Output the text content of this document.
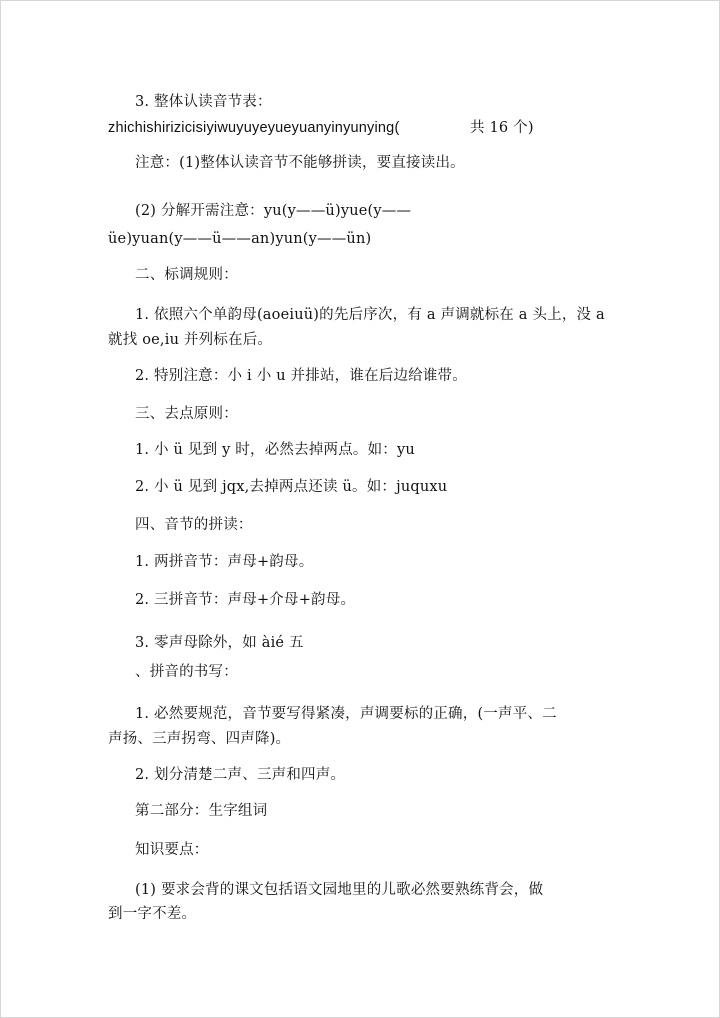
3. 整体认读音节表：
zhichishirizicisiyiwuyuyeyueyuanyinyunying(	共 16 个)
注意：(1)整体认读音节不能够拼读，要直接读出。
(2) 分解开需注意：yu(y——ü)yue(y——
üe)yuan(y——ü——an)yun(y——ün)
二、标调规则：
1. 依照六个单韵母(aoeiuü)的先后序次，有 a 声调就标在 a 头上，没 a
就找 oe,iu 并列标在后。
2. 特别注意：小 i 小 u 并排站，谁在后边给谁带。
三、去点原则：
1. 小 ü 见到 y 时，必然去掉两点。如：yu
2. 小 ü 见到 jqx,去掉两点还读 ü。如：juquxu
四、音节的拼读：
1. 两拼音节：声母+韵母。
2. 三拼音节：声母+介母+韵母。
3. 零声母除外，如 àié 五
、拼音的书写：
1. 必然要规范，音节要写得紧凑，声调要标的正确，(一声平、二
声扬、三声拐弯、四声降)。
2. 划分清楚二声、三声和四声。
第二部分：生字组词
知识要点：
(1) 要求会背的课文包括语文园地里的儿歌必然要熟练背会，做
到一字不差。
